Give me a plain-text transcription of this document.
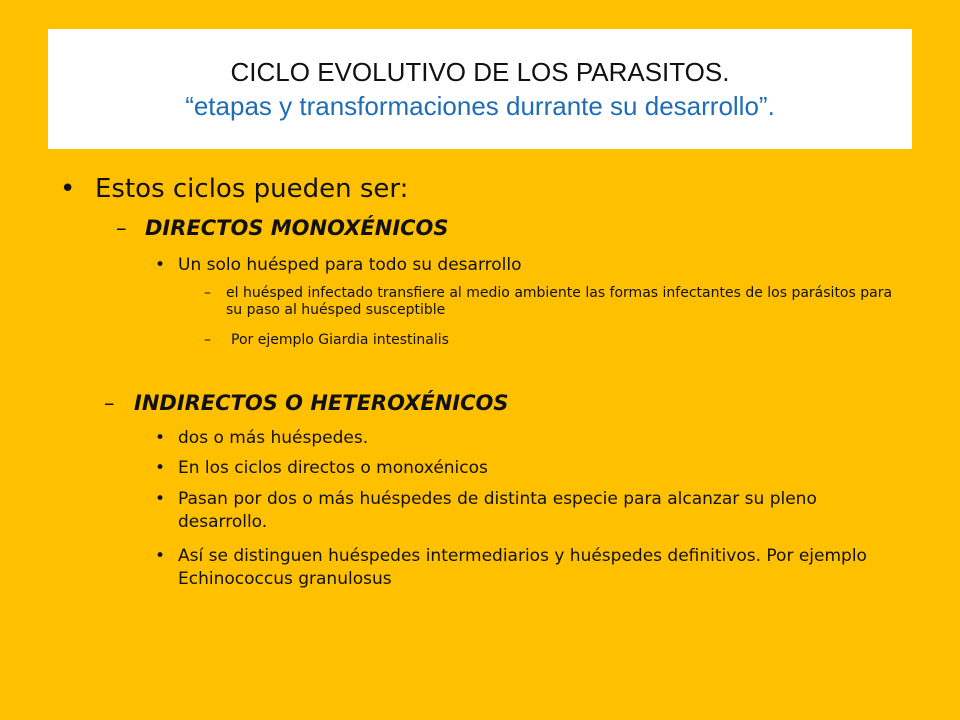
CICLO EVOLUTIVO DE LOS PARASITOS.
“etapas y transformaciones durrante su desarrollo”.
• Estos ciclos pueden ser:
– DIRECTOS MONOXÉNICOS
• Un solo huésped para todo su desarrollo
– el huésped infectado transfiere al medio ambiente las formas infectantes de los parásitos para su paso al huésped susceptible
– Por ejemplo Giardia intestinalis
– INDIRECTOS O HETEROXÉNICOS
• dos o más huéspedes.
• En los ciclos directos o monoxénicos
• Pasan por dos o más huéspedes de distinta especie para alcanzar su pleno desarrollo.
• Así se distinguen huéspedes intermediarios y huéspedes definitivos. Por ejemplo Echinococcus granulosus
